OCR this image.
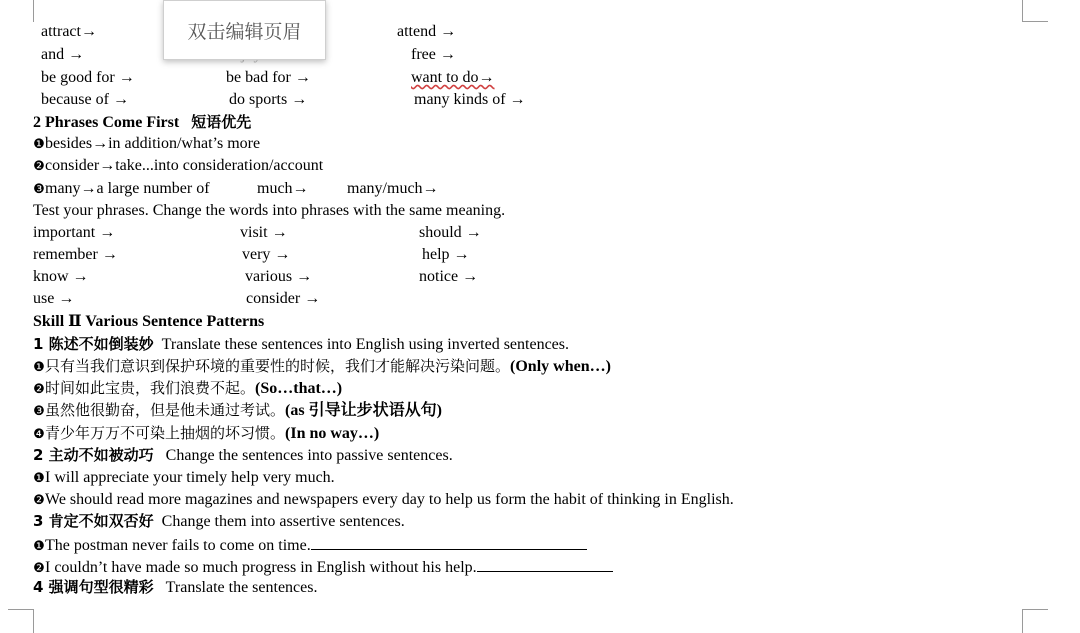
双击编辑页眉
attract→	attend →
and →	free →
be good for →	be bad for →	want to do→
because of →	do sports →	many kinds of →
2 Phrases Come First 短语优先
❶besides→in addition/what’s more
❷consider→take...into consideration/account
❸many→a large number of	much→ many/much→
Test your phrases. Change the words into phrases with the same meaning.
important →	visit →	should →
remember →	very →	help →
know →	various →	notice →
use →	consider →
Skill Ⅱ Various Sentence Patterns
1 陈述不如倒装妙 Translate these sentences into English using inverted sentences.
❶只有当我们意识到保护环境的重要性的时候，我们才能解决污染问题。(Only when…)
❷时间如此宝贵，我们浪费不起。(So…that…)
❸虽然他很勤奋，但是他未通过考试。(as 引导让步状语从句)
❹青少年万万不可染上抽烟的坏习惯。(In no way…)
2 主动不如被动巧 Change the sentences into passive sentences.
❶I will appreciate your timely help very much.
❷We should read more magazines and newspapers every day to help us form the habit of thinking in English.
3 肯定不如双否好 Change them into assertive sentences.
❶The postman never fails to come on time.
❷I couldn’t have made so much progress in English without his help.
4 强调句型很精彩 Translate the sentences.
